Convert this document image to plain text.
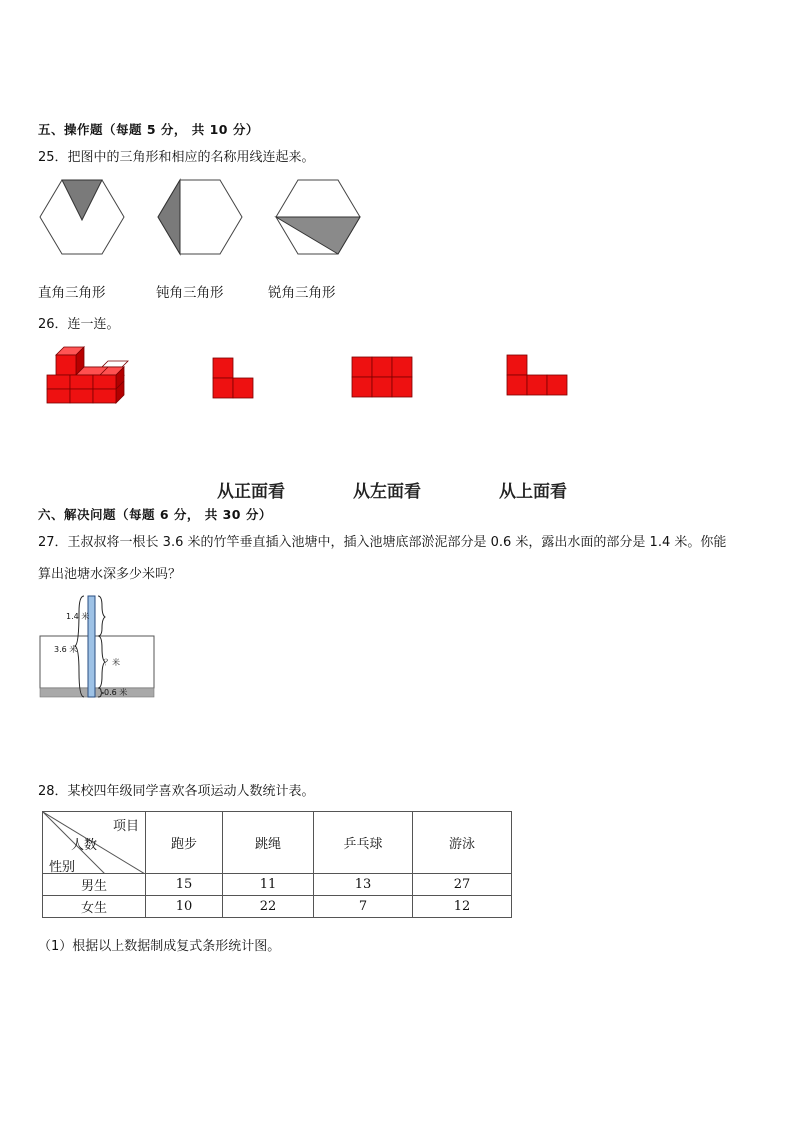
五、操作题（每题 5 分， 共 10 分）
25．把图中的三角形和相应的名称用线连起来。
直角三角形	钝角三角形	锐角三角形
26．连一连。
从正面看	从左面看	从上面看
六、解决问题（每题 6 分， 共 30 分）
27．王叔叔将一根长 3.6 米的竹竿垂直插入池塘中，插入池塘底部淤泥部分是 0.6 米，露出水面的部分是 1.4 米。你能
算出池塘水深多少米吗？
1.4 米
3.6 米
？米
0.6 米
28．某校四年级同学喜欢各项运动人数统计表。
项目
人数
性别	跑步	跳绳	乒乓球	游泳
男生	15	11	13	27
女生	10	22	7	12
（1）根据以上数据制成复式条形统计图。
